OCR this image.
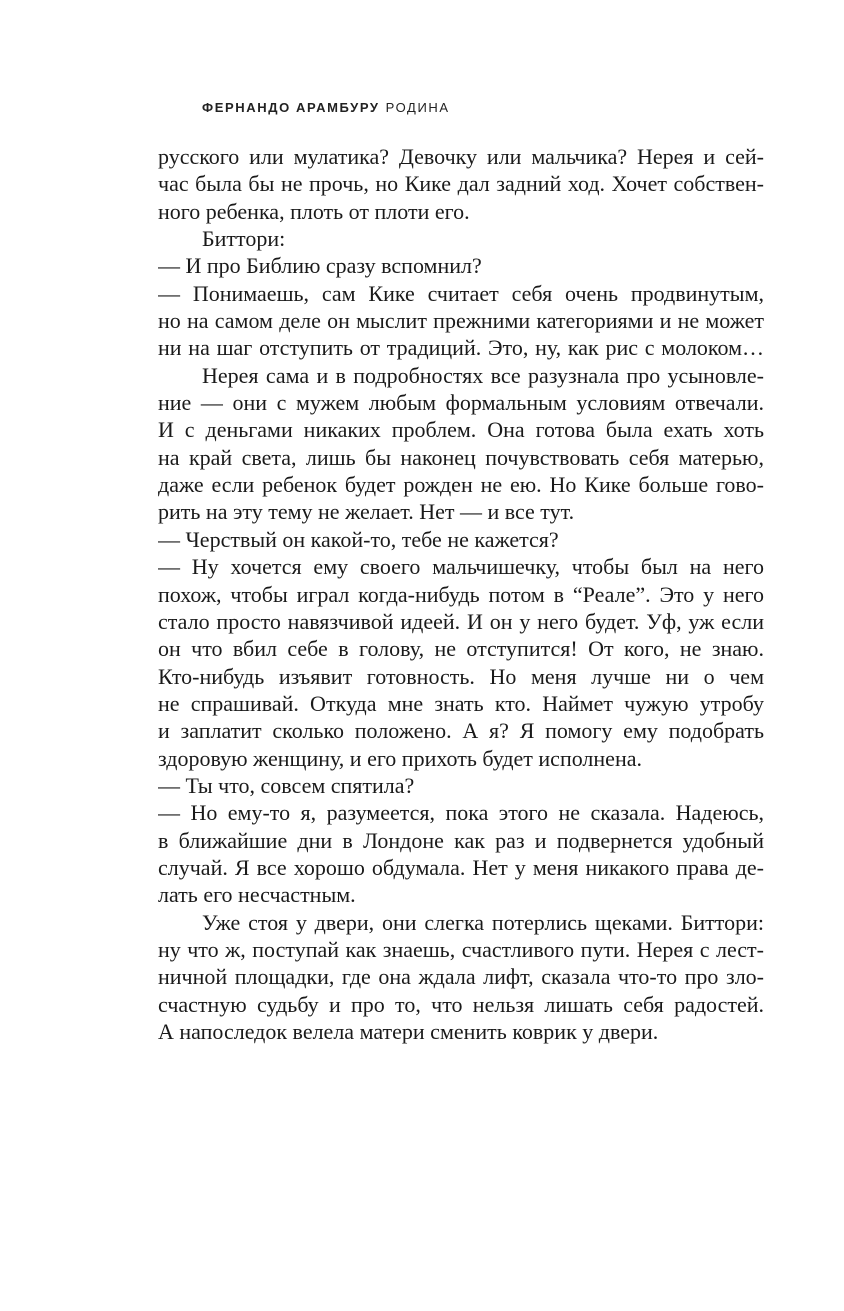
ФЕРНАНДО АРАМБУРУ РОДИНА
русского или мулатика? Девочку или мальчика? Нерея и сей-
час была бы не прочь, но Кике дал задний ход. Хочет собствен-
ного ребенка, плоть от плоти его.
Биттори:
— И про Библию сразу вспомнил?
— Понимаешь, сам Кике считает себя очень продвинутым,
но на самом деле он мыслит прежними категориями и не может
ни на шаг отступить от традиций. Это, ну, как рис с молоком…
Нерея сама и в подробностях все разузнала про усыновле-
ние — они с мужем любым формальным условиям отвечали.
И с деньгами никаких проблем. Она готова была ехать хоть
на край света, лишь бы наконец почувствовать себя матерью,
даже если ребенок будет рожден не ею. Но Кике больше гово-
рить на эту тему не желает. Нет — и все тут.
— Черствый он какой-то, тебе не кажется?
— Ну хочется ему своего мальчишечку, чтобы был на него
похож, чтобы играл когда-нибудь потом в “Реале”. Это у него
стало просто навязчивой идеей. И он у него будет. Уф, уж если
он что вбил себе в голову, не отступится! От кого, не знаю.
Кто-нибудь изъявит готовность. Но меня лучше ни о чем
не спрашивай. Откуда мне знать кто. Наймет чужую утробу
и заплатит сколько положено. А я? Я помогу ему подобрать
здоровую женщину, и его прихоть будет исполнена.
— Ты что, совсем спятила?
— Но ему-то я, разумеется, пока этого не сказала. Надеюсь,
в ближайшие дни в Лондоне как раз и подвернется удобный
случай. Я все хорошо обдумала. Нет у меня никакого права де-
лать его несчастным.
Уже стоя у двери, они слегка потерлись щеками. Биттори:
ну что ж, поступай как знаешь, счастливого пути. Нерея с лест-
ничной площадки, где она ждала лифт, сказала что-то про зло-
счастную судьбу и про то, что нельзя лишать себя радостей.
А напоследок велела матери сменить коврик у двери.
